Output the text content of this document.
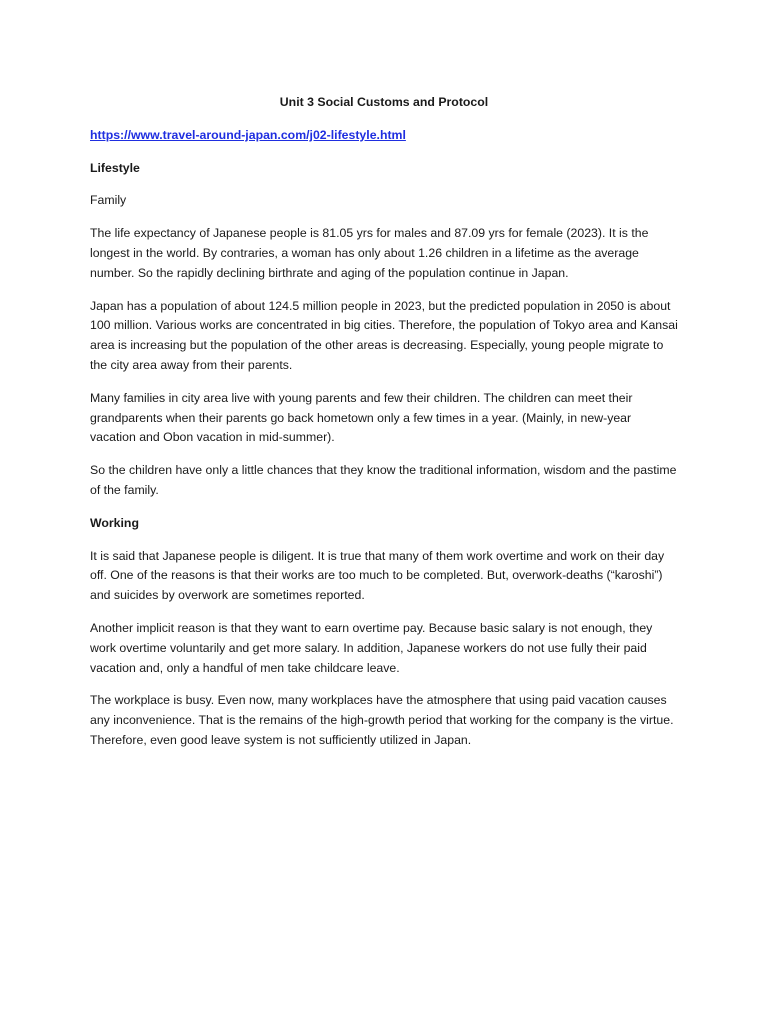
Unit 3 Social Customs and Protocol
https://www.travel-around-japan.com/j02-lifestyle.html
Lifestyle
Family

The life expectancy of Japanese people is 81.05 yrs for males and 87.09 yrs for female (2023). It is the longest in the world. By contraries, a woman has only about 1.26 children in a lifetime as the average number. So the rapidly declining birthrate and aging of the population continue in Japan.

Japan has a population of about 124.5 million people in 2023, but the predicted population in 2050 is about 100 million. Various works are concentrated in big cities. Therefore, the population of Tokyo area and Kansai area is increasing but the population of the other areas is decreasing. Especially, young people migrate to the city area away from their parents.

Many families in city area live with young parents and few their children. The children can meet their grandparents when their parents go back hometown only a few times in a year. (Mainly, in new-year vacation and Obon vacation in mid-summer).

So the children have only a little chances that they know the traditional information, wisdom and the pastime of the family.

Working

It is said that Japanese people is diligent. It is true that many of them work overtime and work on their day off. One of the reasons is that their works are too much to be completed. But, overwork-deaths (“karoshi”) and suicides by overwork are sometimes reported.

Another implicit reason is that they want to earn overtime pay. Because basic salary is not enough, they work overtime voluntarily and get more salary. In addition, Japanese workers do not use fully their paid vacation and, only a handful of men take childcare leave.

The workplace is busy. Even now, many workplaces have the atmosphere that using paid vacation causes any inconvenience. That is the remains of the high-growth period that working for the company is the virtue. Therefore, even good leave system is not sufficiently utilized in Japan.
